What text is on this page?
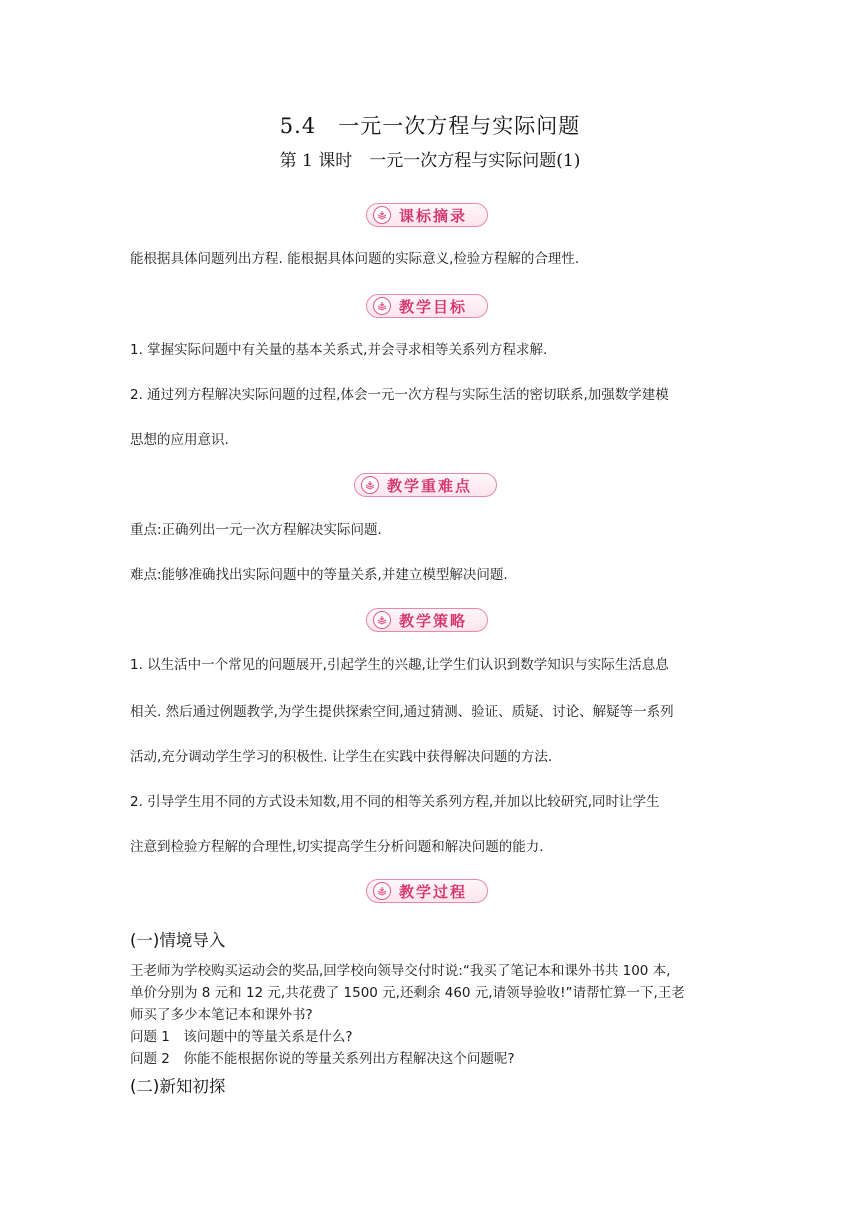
5.4　一元一次方程与实际问题
第 1 课时　一元一次方程与实际问题(1)
课标摘录
能根据具体问题列出方程. 能根据具体问题的实际意义,检验方程解的合理性.
教学目标
1. 掌握实际问题中有关量的基本关系式,并会寻求相等关系列方程求解.
2. 通过列方程解决实际问题的过程,体会一元一次方程与实际生活的密切联系,加强数学建模
思想的应用意识.
教学重难点
重点:正确列出一元一次方程解决实际问题.
难点:能够准确找出实际问题中的等量关系,并建立模型解决问题.
教学策略
1. 以生活中一个常见的问题展开,引起学生的兴趣,让学生们认识到数学知识与实际生活息息
相关. 然后通过例题教学,为学生提供探索空间,通过猜测、验证、质疑、讨论、解疑等一系列
活动,充分调动学生学习的积极性. 让学生在实践中获得解决问题的方法.
2. 引导学生用不同的方式设未知数,用不同的相等关系列方程,并加以比较研究,同时让学生
注意到检验方程解的合理性,切实提高学生分析问题和解决问题的能力.
教学过程
(一)情境导入
王老师为学校购买运动会的奖品,回学校向领导交付时说:“我买了笔记本和课外书共 100 本,
单价分别为 8 元和 12 元,共花费了 1500 元,还剩余 460 元,请领导验收!”请帮忙算一下,王老
师买了多少本笔记本和课外书?
问题 1　该问题中的等量关系是什么?
问题 2　你能不能根据你说的等量关系列出方程解决这个问题呢?
(二)新知初探
